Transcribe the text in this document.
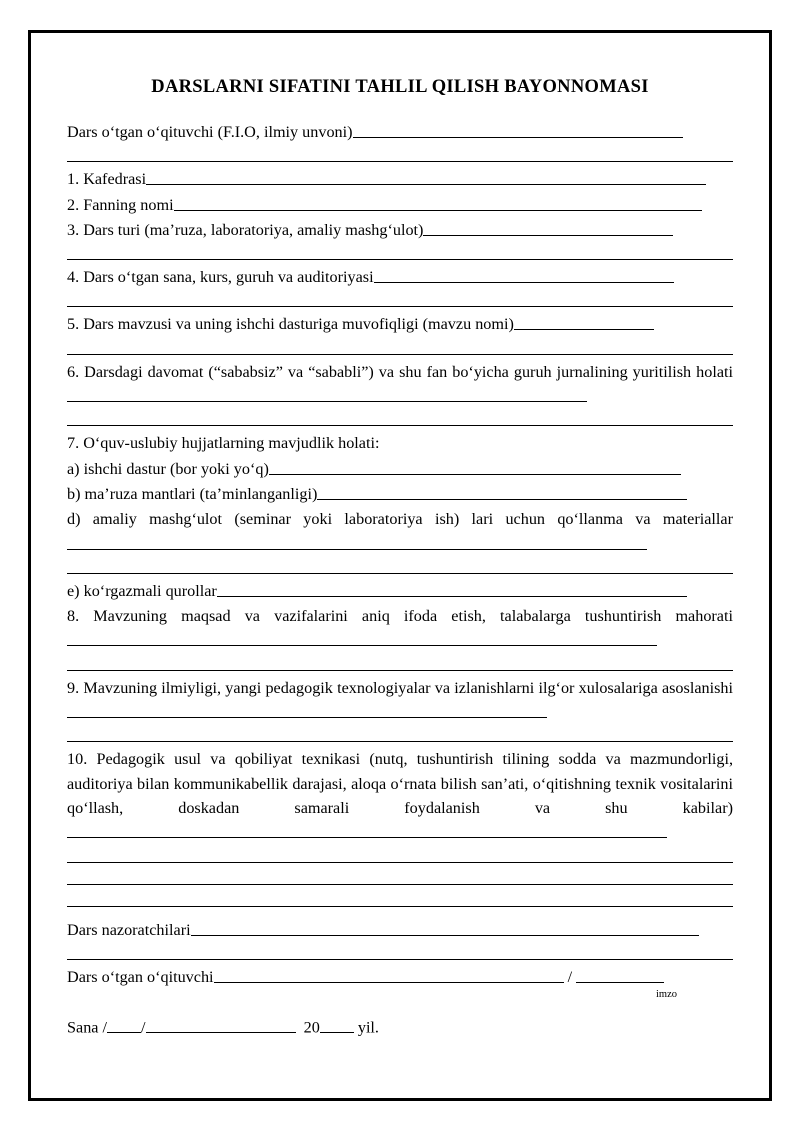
DARSLARNI SIFATINI TAHLIL QILISH BAYONNOMASI
Dars o‘tgan o‘qituvchi (F.I.O, ilmiy unvoni)
1. Kafedrasi
2. Fanning nomi
3. Dars turi (ma’ruza, laboratoriya, amaliy mashg‘ulot)
4. Dars o‘tgan sana, kurs, guruh va auditoriyasi
5. Dars mavzusi va uning ishchi dasturiga muvofiqligi (mavzu nomi)
6. Darsdagi davomat (“sababsiz” va “sababli”) va shu fan bo‘yicha guruh jurnalining yuritilish holati
7. O‘quv-uslubiy hujjatlarning mavjudlik holati:
a) ishchi dastur (bor yoki yo‘q)
b) ma’ruza mantlari (ta’minlanganligi)
d) amaliy mashg‘ulot (seminar yoki laboratoriya ish) lari uchun qo‘llanma va materiallar
e) ko‘rgazmali qurollar
8. Mavzuning maqsad va vazifalarini aniq ifoda etish, talabalarga tushuntirish mahorati
9. Mavzuning ilmiyligi, yangi pedagogik texnologiyalar va izlanishlarni ilg‘or xulosalariga asoslanishi
10. Pedagogik usul va qobiliyat texnikasi (nutq, tushuntirish tilining sodda va mazmundorligi, auditoriya bilan kommunikabellik darajasi, aloqa o‘rnata bilish san’ati, o‘qitishning texnik vositalarini qo‘llash, doskadan samarali foydalanish va shu kabilar)
Dars nazoratchilari
Dars o‘tgan o‘qituvchi	/
imzo
Sana / /	20 yil.
